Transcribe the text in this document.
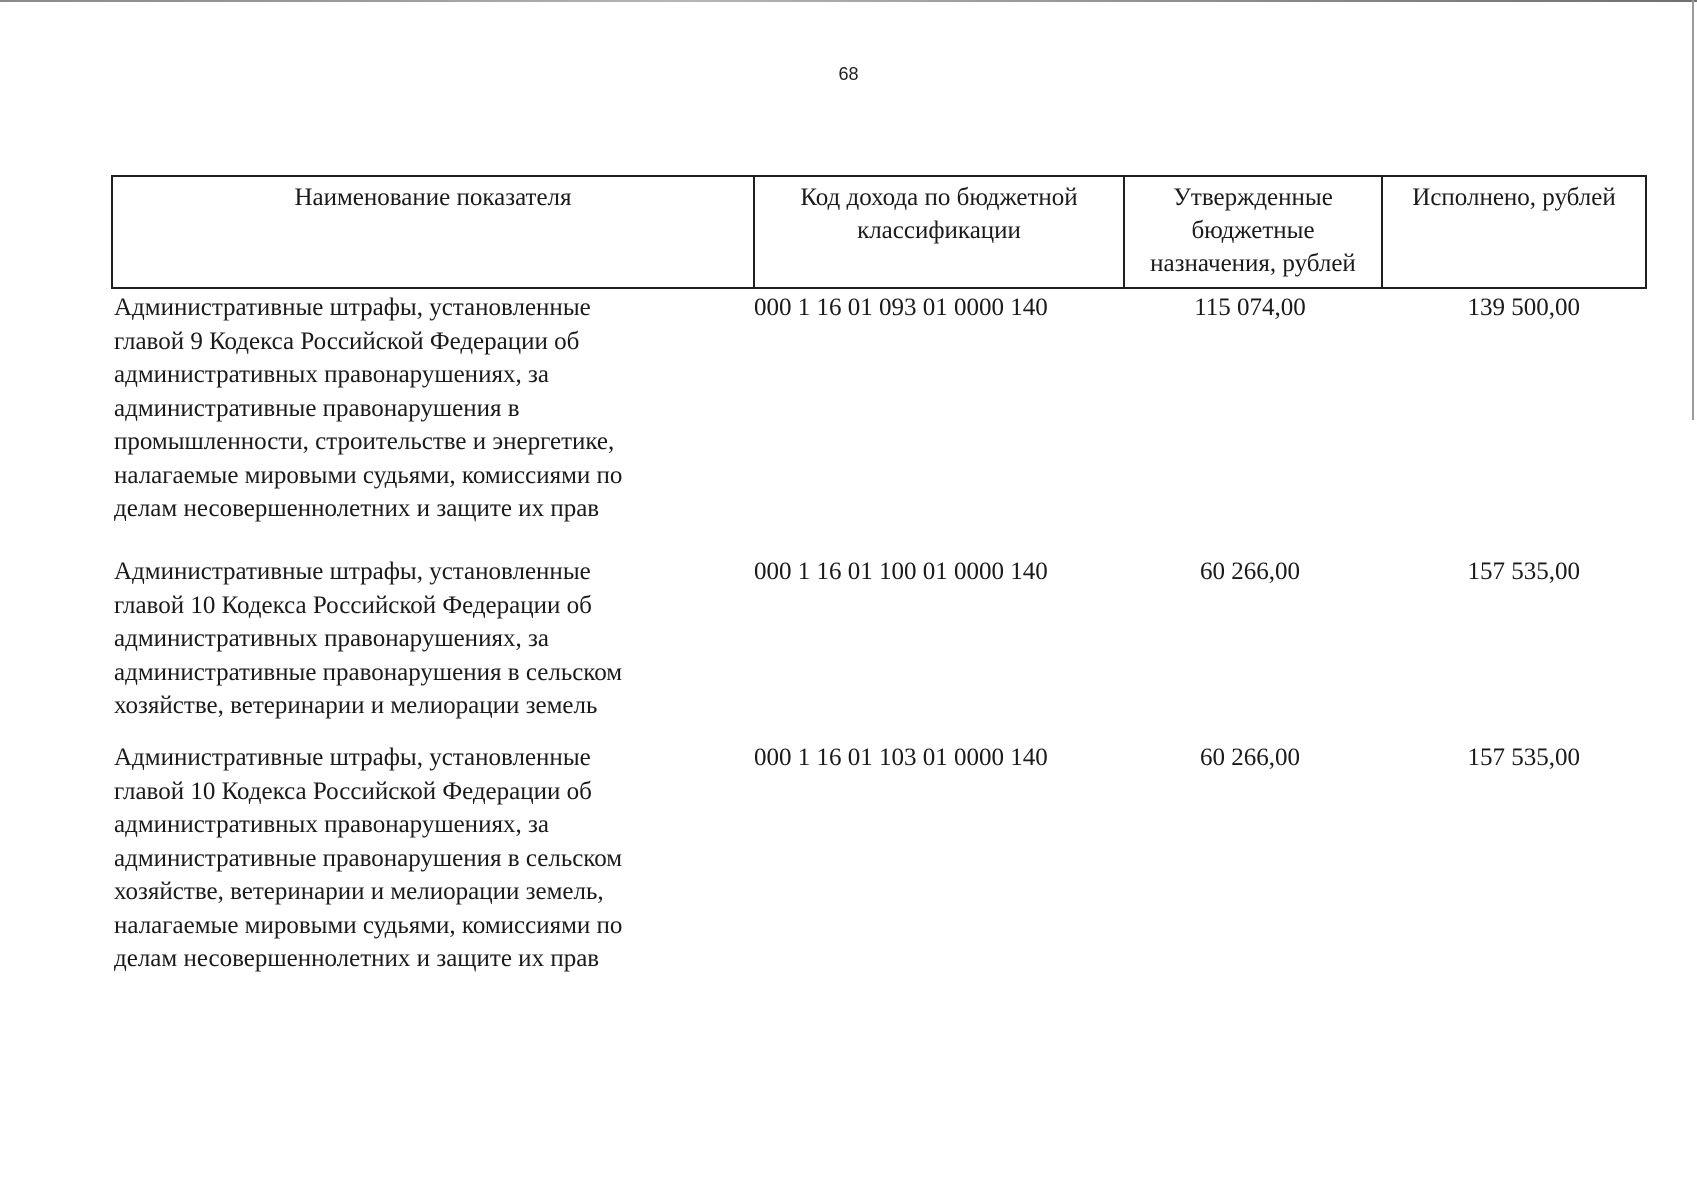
68
Наименование показателя	Код дохода по бюджетной классификации	Утвержденные бюджетные назначения, рублей	Исполнено, рублей
Административные штрафы, установленные
главой 9 Кодекса Российской Федерации об
административных правонарушениях, за
административные правонарушения в
промышленности, строительстве и энергетике,
налагаемые мировыми судьями, комиссиями по
делам несовершеннолетних и защите их прав
000 1 16 01 093 01 0000 140	115 074,00	139 500,00
Административные штрафы, установленные
главой 10 Кодекса Российской Федерации об
административных правонарушениях, за
административные правонарушения в сельском
хозяйстве, ветеринарии и мелиорации земель
000 1 16 01 100 01 0000 140	60 266,00	157 535,00
Административные штрафы, установленные
главой 10 Кодекса Российской Федерации об
административных правонарушениях, за
административные правонарушения в сельском
хозяйстве, ветеринарии и мелиорации земель,
налагаемые мировыми судьями, комиссиями по
делам несовершеннолетних и защите их прав
000 1 16 01 103 01 0000 140	60 266,00	157 535,00
